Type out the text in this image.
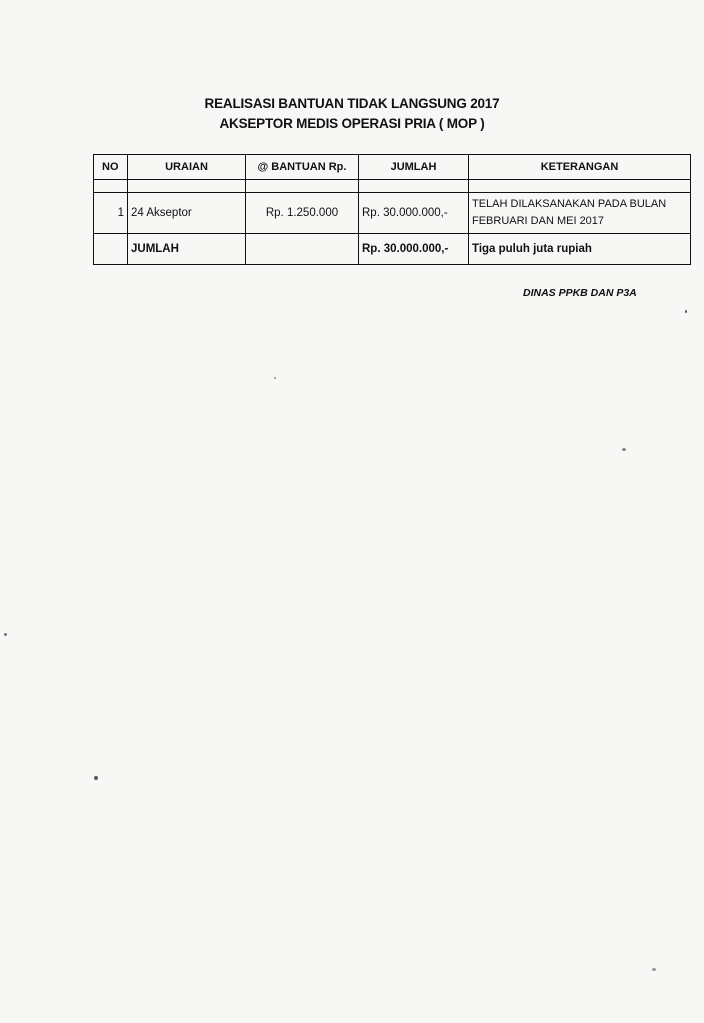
REALISASI BANTUAN TIDAK LANGSUNG 2017
AKSEPTOR MEDIS OPERASI PRIA ( MOP )
NO	URAIAN	@ BANTUAN Rp.	JUMLAH	KETERANGAN

1	24 Akseptor	Rp. 1.250.000	Rp. 30.000.000,-	TELAH DILAKSANAKAN PADA BULAN FEBRUARI DAN MEI 2017
	JUMLAH		Rp. 30.000.000,-	Tiga puluh juta rupiah
DINAS PPKB DAN P3A
